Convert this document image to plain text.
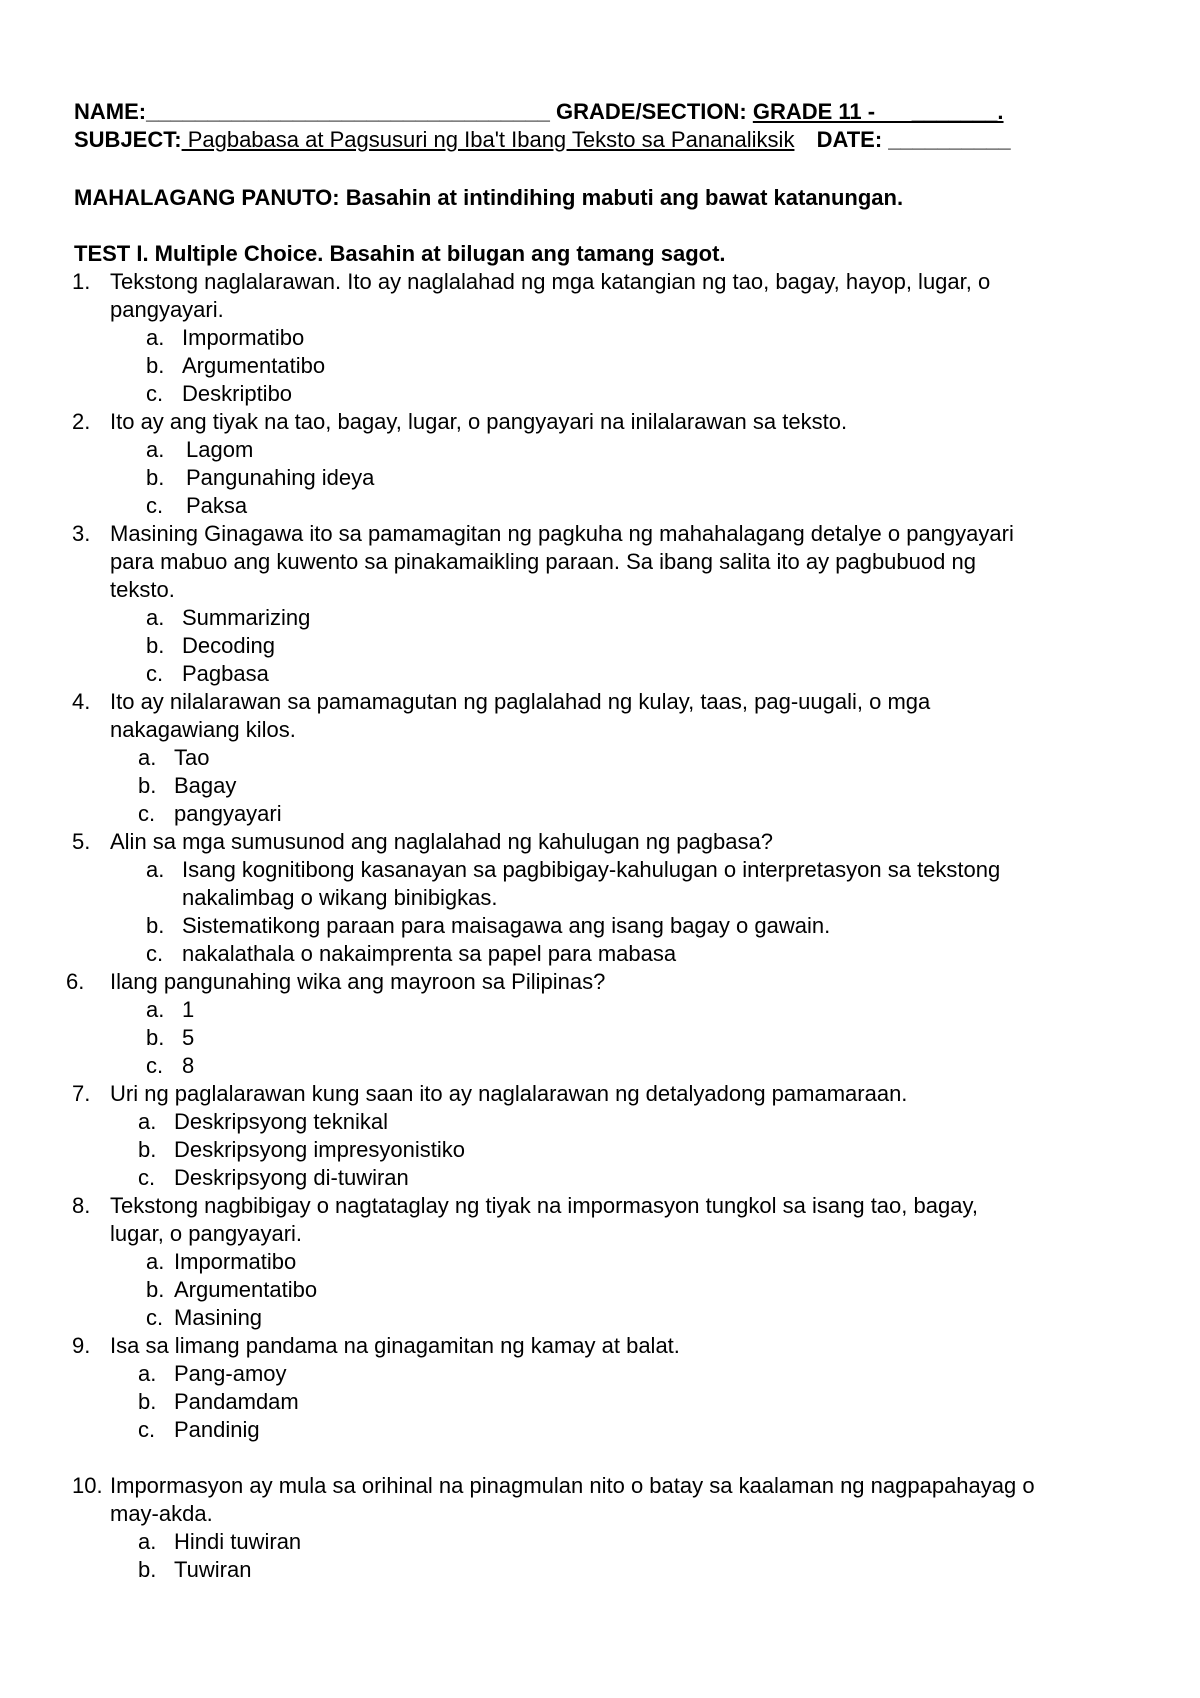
NAME:_________________________________ GRADE/SECTION: GRADE 11 -      _______.
SUBJECT: Pagbabasa at Pagsusuri ng Iba't Ibang Teksto sa Pananaliksik DATE: __________
MAHALAGANG PANUTO: Basahin at intindihing mabuti ang bawat katanungan.
TEST I. Multiple Choice. Basahin at bilugan ang tamang sagot.
1. Tekstong naglalarawan. Ito ay naglalahad ng mga katangian ng tao, bagay, hayop, lugar, o
pangyayari.
a. Impormatibo
b. Argumentatibo
c. Deskriptibo
2. Ito ay ang tiyak na tao, bagay, lugar, o pangyayari na inilalarawan sa teksto.
a. Lagom
b. Pangunahing ideya
c. Paksa
3. Masining Ginagawa ito sa pamamagitan ng pagkuha ng mahahalagang detalye o pangyayari
para mabuo ang kuwento sa pinakamaikling paraan. Sa ibang salita ito ay pagbubuod ng
teksto.
a. Summarizing
b. Decoding
c. Pagbasa
4. Ito ay nilalarawan sa pamamagutan ng paglalahad ng kulay, taas, pag-uugali, o mga
nakagawiang kilos.
a. Tao
b. Bagay
c. pangyayari
5. Alin sa mga sumusunod ang naglalahad ng kahulugan ng pagbasa?
a. Isang kognitibong kasanayan sa pagbibigay-kahulugan o interpretasyon sa tekstong
nakalimbag o wikang binibigkas.
b. Sistematikong paraan para maisagawa ang isang bagay o gawain.
c. nakalathala o nakaimprenta sa papel para mabasa
6. Ilang pangunahing wika ang mayroon sa Pilipinas?
a. 1
b. 5
c. 8
7. Uri ng paglalarawan kung saan ito ay naglalarawan ng detalyadong pamamaraan.
a. Deskripsyong teknikal
b. Deskripsyong impresyonistiko
c. Deskripsyong di-tuwiran
8. Tekstong nagbibigay o nagtataglay ng tiyak na impormasyon tungkol sa isang tao, bagay,
lugar, o pangyayari.
a. Impormatibo
b. Argumentatibo
c. Masining
9. Isa sa limang pandama na ginagamitan ng kamay at balat.
a. Pang-amoy
b. Pandamdam
c. Pandinig
10. Impormasyon ay mula sa orihinal na pinagmulan nito o batay sa kaalaman ng nagpapahayag o
may-akda.
a. Hindi tuwiran
b. Tuwiran
